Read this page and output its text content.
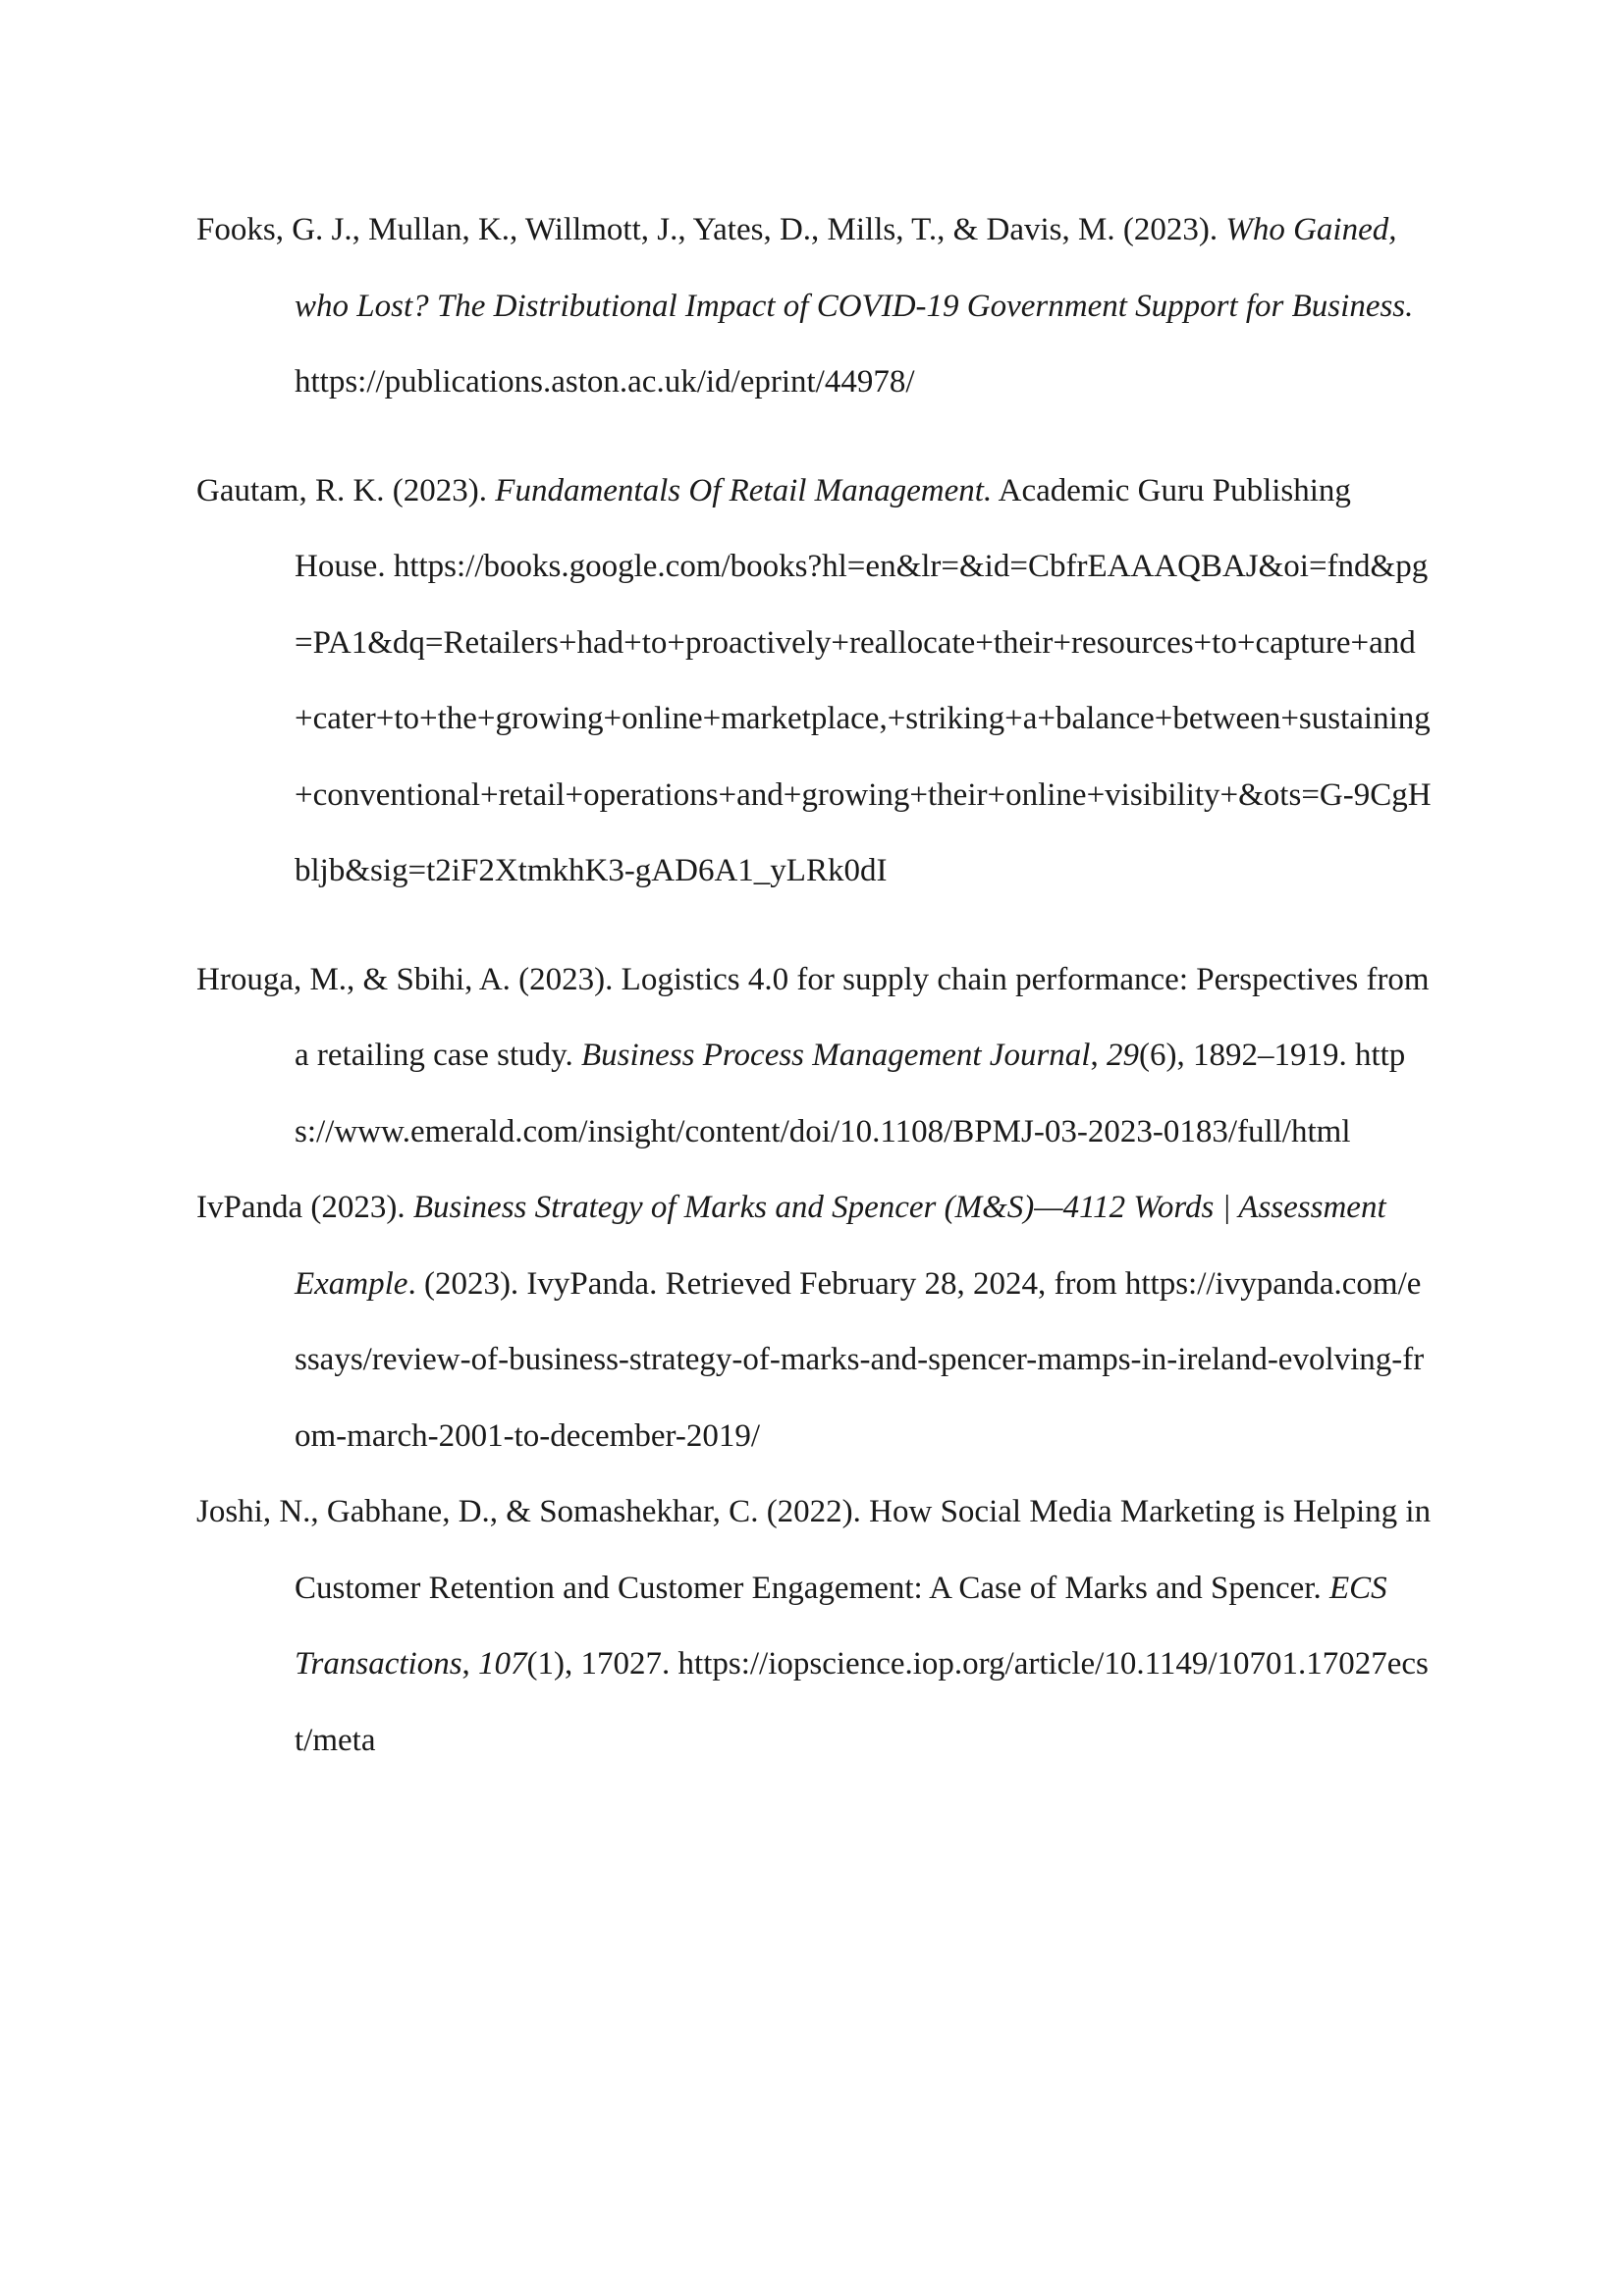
Fooks, G. J., Mullan, K., Willmott, J., Yates, D., Mills, T., & Davis, M. (2023). Who Gained, who Lost? The Distributional Impact of COVID-19 Government Support for Business. https://publications.aston.ac.uk/id/eprint/44978/

Gautam, R. K. (2023). Fundamentals Of Retail Management. Academic Guru Publishing House. https://books.google.com/books?hl=en&lr=&id=CbfrEAAAQBAJ&oi=fnd&pg=PA1&dq=Retailers+had+to+proactively+reallocate+their+resources+to+capture+and+cater+to+the+growing+online+marketplace,+striking+a+balance+between+sustaining+conventional+retail+operations+and+growing+their+online+visibility+&ots=G-9CgHbljb&sig=t2iF2XtmkhK3-gAD6A1_yLRk0dI

Hrouga, M., & Sbihi, A. (2023). Logistics 4.0 for supply chain performance: Perspectives from a retailing case study. Business Process Management Journal, 29(6), 1892–1919. https://www.emerald.com/insight/content/doi/10.1108/BPMJ-03-2023-0183/full/html

IvPanda (2023). Business Strategy of Marks and Spencer (M&S)—4112 Words | Assessment Example. (2023). IvyPanda. Retrieved February 28, 2024, from https://ivypanda.com/essays/review-of-business-strategy-of-marks-and-spencer-mamps-in-ireland-evolving-from-march-2001-to-december-2019/

Joshi, N., Gabhane, D., & Somashekhar, C. (2022). How Social Media Marketing is Helping in Customer Retention and Customer Engagement: A Case of Marks and Spencer. ECS Transactions, 107(1), 17027. https://iopscience.iop.org/article/10.1149/10701.17027ecst/meta
